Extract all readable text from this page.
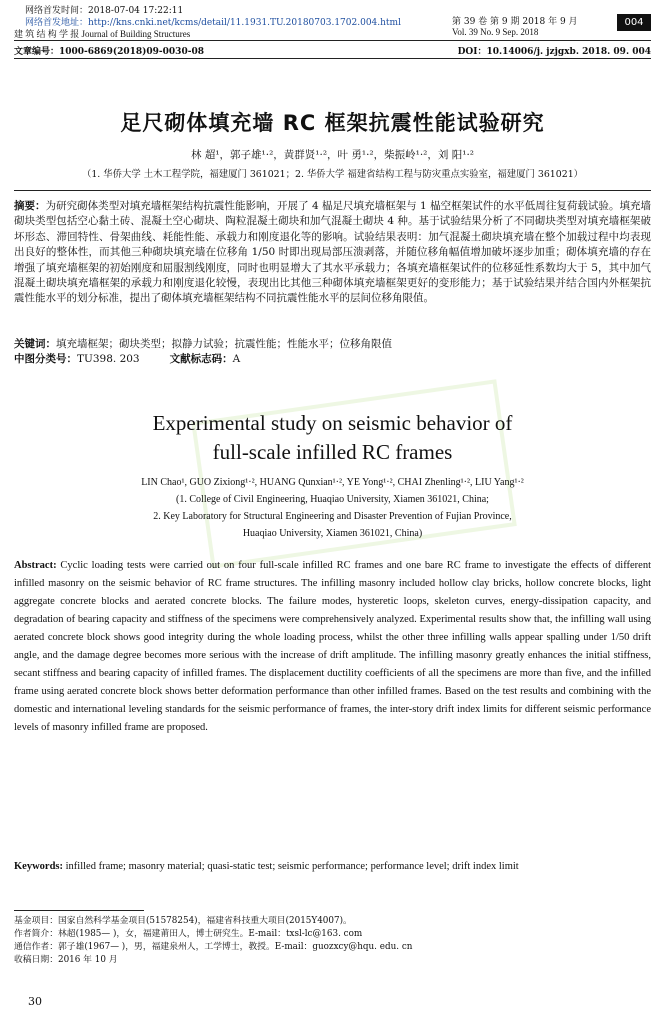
网络首发时间：2018-07-04 17:22:11
网络首发地址：http://kns.cnki.net/kcms/detail/11.1931.TU.20180703.1702.004.html
建 筑 结 构 学 报 Journal of Building Structures
第 39 卷 第 9 期 2018 年 9 月
Vol. 39 No. 9 Sep. 2018
004
文章编号：1000-6869(2018)09-0030-08	DOI：10.14006/j. jzjgxb. 2018. 09. 004
足尺砌体填充墙 RC 框架抗震性能试验研究
林 超¹，郭子雄¹·²，黄群贤¹·²，叶 勇¹·²，柴振岭¹·²，刘 阳¹·²
（1. 华侨大学 土木工程学院，福建厦门 361021；2. 华侨大学 福建省结构工程与防灾重点实验室，福建厦门 361021）
摘要：为研究砌体类型对填充墙框架结构抗震性能影响，开展了 4 榀足尺填充墙框架与 1 榀空框架试件的水平低周往复荷载试验。填充墙砌块类型包括空心黏土砖、混凝土空心砌块、陶粒混凝土砌块和加气混凝土砌块 4 种。基于试验结果分析了不同砌块类型对填充墙框架破坏形态、滞回特性、骨架曲线、耗能性能、承载力和刚度退化等的影响。试验结果表明：加气混凝土砌块填充墙在整个加载过程中均表现出良好的整体性，而其他三种砌块填充墙在位移角 1/50 时即出现局部压溃剥落，并随位移角幅值增加破坏逐步加重；砌体填充墙的存在增强了填充墙框架的初始刚度和屈服割线刚度，同时也明显增大了其水平承载力；各填充墙框架试件的位移延性系数均大于 5，其中加气混凝土砌块填充墙框架的承载力和刚度退化较慢，表现出比其他三种砌体填充墙框架更好的变形能力；基于试验结果并结合国内外框架抗震性能水平的划分标准，提出了砌体填充墙框架结构不同抗震性能水平的层间位移角限值。
关键词：填充墙框架；砌块类型；拟静力试验；抗震性能；性能水平；位移角限值
中图分类号：TU398. 203	文献标志码：A
Experimental study on seismic behavior of
full-scale infilled RC frames
LIN Chao¹, GUO Zixiong¹·², HUANG Qunxian¹·², YE Yong¹·², CHAI Zhenling¹·², LIU Yang¹·²
(1. College of Civil Engineering, Huaqiao University, Xiamen 361021, China;
2. Key Laboratory for Structural Engineering and Disaster Prevention of Fujian Province,
Huaqiao University, Xiamen 361021, China)
Abstract: Cyclic loading tests were carried out on four full-scale infilled RC frames and one bare RC frame to investigate the effects of different infilled masonry on the seismic behavior of RC frame structures. The infilling masonry included hollow clay bricks, hollow concrete blocks, light aggregate concrete blocks and aerated concrete blocks. The failure modes, hysteretic loops, skeleton curves, energy-dissipation capacity, and degradation of bearing capacity and stiffness of the specimens were comprehensively analyzed. Experimental results show that, the infilling wall using aerated concrete block shows good integrity during the whole loading process, whilst the other three infilling walls appear spalling under 1/50 drift angle, and the damage degree becomes more serious with the increase of drift amplitude. The infilling masonry greatly enhances the initial stiffness, secant stiffness and bearing capacity of infilled frames. The displacement ductility coefficients of all the specimens are more than five, and the infilled frame using aerated concrete block shows better deformation performance than other infilled frames. Based on the test results and combining with the domestic and international leveling standards for the seismic performance of frames, the inter-story drift index limits for different seismic performance levels of masonry infilled frame are proposed.
Keywords: infilled frame; masonry material; quasi-static test; seismic performance; performance level; drift index limit
基金项目：国家自然科学基金项目(51578254)，福建省科技重大项目(2015Y4007)。
作者简介：林超(1985— )，女，福建莆田人，博士研究生。E-mail：txsl-lc@163. com
通信作者：郭子雄(1967— )，男，福建泉州人，工学博士，教授。E-mail：guozxcy@hqu. edu. cn
收稿日期：2016 年 10 月
30
